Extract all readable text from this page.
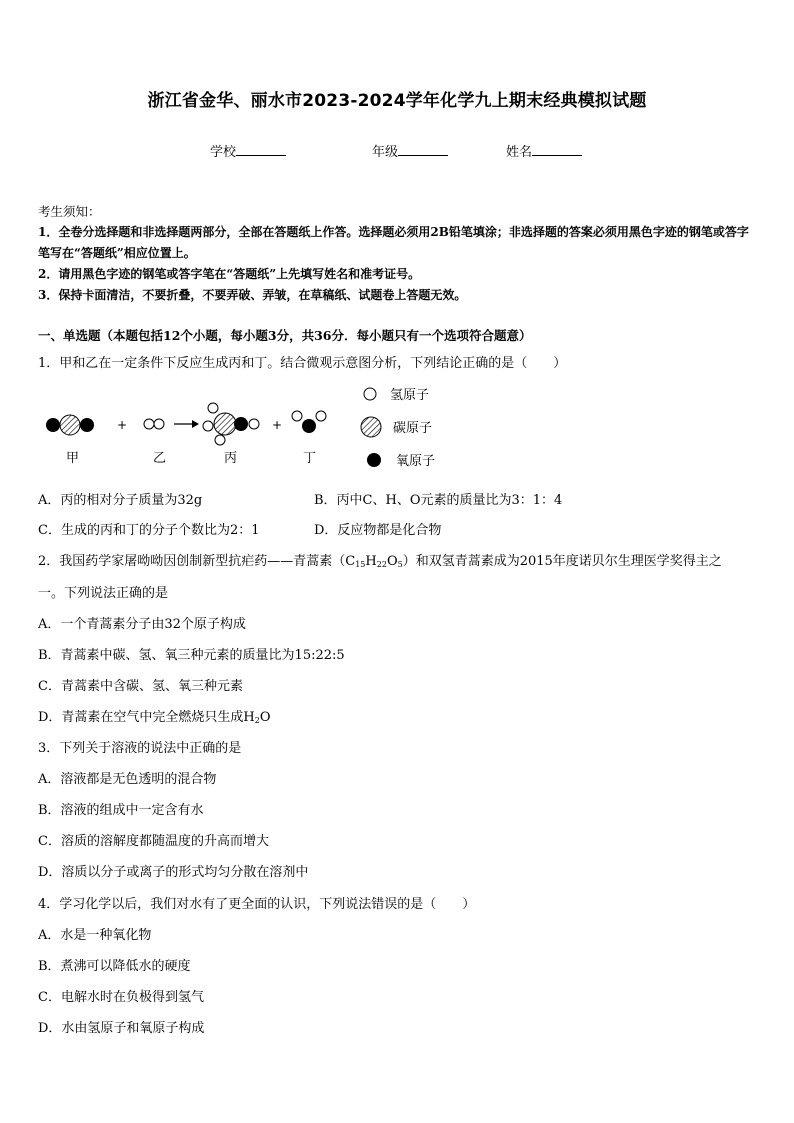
浙江省金华、丽水市2023-2024学年化学九上期末经典模拟试题
学校	年级	姓名
考生须知：
1．全卷分选择题和非选择题两部分，全部在答题纸上作答。选择题必须用2B铅笔填涂；非选择题的答案必须用黑色字迹的钢笔或答字笔写在“答题纸”相应位置上。
2．请用黑色字迹的钢笔或答字笔在“答题纸”上先填写姓名和准考证号。
3．保持卡面清洁，不要折叠，不要弄破、弄皱，在草稿纸、试题卷上答题无效。
一、单选题（本题包括12个小题，每小题3分，共36分．每小题只有一个选项符合题意）
1．甲和乙在一定条件下反应生成丙和丁。结合微观示意图分析，下列结论正确的是（　　）
+	+
甲	乙	丙	丁
氢原子
碳原子
氧原子
A．丙的相对分子质量为32g	B．丙中C、H、O元素的质量比为3：1：4
C．生成的丙和丁的分子个数比为2：1	D．反应物都是化合物
2．我国药学家屠呦呦因创制新型抗疟药——青蒿素$(C_{15}H_{22}O_5)$和双氢青蒿素成为2015年度诺贝尔生理医学奖得主之
一。下列说法正确的是
A．一个青蒿素分子由32个原子构成
B．青蒿素中碳、氢、氧三种元素的质量比为15:22:5
C．青蒿素中含碳、氢、氧三种元素
D．青蒿素在空气中完全燃烧只生成$H_2O$
3．下列关于溶液的说法中正确的是
A．溶液都是无色透明的混合物
B．溶液的组成中一定含有水
C．溶质的溶解度都随温度的升高而增大
D．溶质以分子或离子的形式均匀分散在溶剂中
4．学习化学以后，我们对水有了更全面的认识，下列说法错误的是（　　）
A．水是一种氧化物
B．煮沸可以降低水的硬度
C．电解水时在负极得到氢气
D．水由氢原子和氧原子构成
